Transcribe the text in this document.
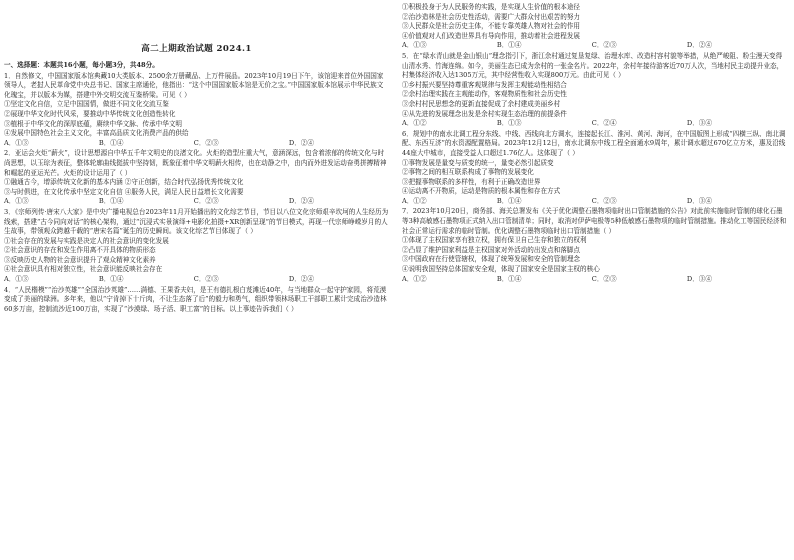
高二上期政治试题 2024.1

一、选择题：本题共16小题，每小题3分，共48分。

1．自然修文，中国国家版本馆典藏10大类版本、2500余万册藏品、上万件展品。2023年10月19日下午，该馆迎来首位外国国家领导人，老挝人民革命党中央总书记、国家主席通伦，他指出：“这个中国国家版本馆是无价之宝。”中国国家版本馆展示中华民族文化瑰宝，并以版本为媒，搭建中外交明交流互鉴桥梁。可见（ ）

①坚定文化自信，立足中国国情，做进不同文化交流互鉴

②展现中华文化时代风采，要推动中华传统文化创造性转化

③植根于中华文化的深厚底蕴，赓续中华文脉、传承中华文明

④发展中国特色社会主义文化，丰富高品质文化消费产品的供给

A．①③	B．①④	C．②③	D．②④

2．亚运会火炬“薪火”，设计思想源自中华五千年文明史的良渚文化。火炬的造型庄重大气，意涵深远，包含着浓郁的传统文化与时尚思想，以玉琮为表征，整体轮廓曲线挺拔中坚持韧，既象征着中华文明薪火相传，也在动静之中，由内而外进发运动奋勇拼搏精神和崛起的亚运光芒。火炬的设计运用了（ ）

①融通古今，增添传统文化新的基本内涵 ②守正创新，结合时代弘扬优秀传统文化

③与时俱进，在文化传承中坚定文化自信 ④服务人民，满足人民日益增长文化需要

A．①③	B．①④	C．②③	D．②④

3．《宗师列传·唐宋八大家》是中央广播电视总台2023年11月开始播出的文化综艺节目，节目以八位文化宗师艰辛坎坷的人生经历为线索，搭建“古今同向对话”的核心架构，通过“沉浸式实景演绎+电影化拍摄+XR创新呈现”的节目模式，再现一代宗师峥嵘岁月的人生故事，带领观众跨越千载的“唐宋名篇”诞生的历史瞬间。该文化综艺节目体现了（ ）

①社会存在的发展与实践是决定人的社会意识的变化发展

②社会意识的存在和发生作用离不开具体的物质形态

③反映历史人物的社会意识提升了观众精神文化素养

④社会意识具有相对独立性，社会意识能反映社会存在

A．①③	B．①④	C．②③	D．②④

4．“人民楷模”“治沙英雄”“全国治沙英雄”……满德、王果香夫妇，是王有德扎根白芨滩近40年，与当地群众一起守护家园，将荒漠变成了美丽的绿洲。多年来，他以“宁肯掉下十斤肉，不让生态落了后”的毅力和勇气，组织带领林场职工干部职工累计完成治沙造林60多万亩，控制流沙近100万亩，实现了“沙漠绿、场子活、职工富”的目标。以上事迹告诉我们（ ）

①积极投身于为人民服务的实践，是实现人生价值的根本途径

②治沙造林是社会历史性活动，需要广大群众付出艰苦的努力

③人民群众是社会历史主体，不能专靠英雄人物对社会的作用

④价值观对人们改造世界具有导向作用，推动着社会进程发展

A．①③	B．①④	C．②③	D．②④

5．在“绿水青山就是金山银山”理念指引下，浙江余村通过复垦复绿、治理水库、改造村容村貌等举措，从绝严峻阻、粉尘漫天变得山清水秀、竹海连绵。如今，美丽生态已成为余村的一张金名片。2022年，余村年接待游客近70万人次，当地村民主动提升业态，村集体经济收入达1305万元，其中经营性收入实现800万元。由此可见（ ）

①乡村振兴要坚持尊重客观规律与发挥主观能动性相结合

②余村治理实践在主观能动作，客观物质性和社会历史性

③余村村民思想念的更新直接促成了余村建成美丽乡村

④从先进的发展理念出发是余村实现生态治理的前提条件

A．①②	B．①③	C．②④	D．③④

6．规划中的南水北调工程分东线、中线、西线向北方调水，连接起长江、淮河、黄河、海河，在中国版图上形成“四横三纵、南北调配、东西互济”的水资源配置格局。2023年12月12日，南水北调东中线工程全面通水9周年，累计调水超过670亿立方米，惠及沿线44座大中城市，直接受益人口超过1.76亿人。这体现了（ ）

①事物发展是量变与质变的统一，量变必然引起质变

②事物之间的相互联系构成了事物的发展变化

③把握事物联系的多样性，有利于正确改造世界

④运动离不开物质，运动是物质的根本属性和存在方式

A．①②	B．①④	C．②③	D．③④

7．2023年10月20日，商务部、海关总署发布《关于优化调整石墨物项临时出口管制措施的公告》对此前实施临时管制的球化石墨等3种高敏感石墨物项正式纳入出口管制清单；同时，取消对伊萨电极等5种低敏感石墨物项的临时管制措施。推动化工等国民经济和社会正常运行需求的临时管制。优化调整石墨物项临时出口管制措施（ ）

①体现了主权国家享有独立权，拥有保卫自己生存和独立的权利

②凸显了维护国家利益是主权国家对外活动的出发点和落脚点

③中国政府在行使管辖权，体现了统筹发展和安全的管制理念

④说明我国坚持总体国家安全观，体现了国家安全是国家主权的核心

A．①②	B．①④	C．②③	D．③④
